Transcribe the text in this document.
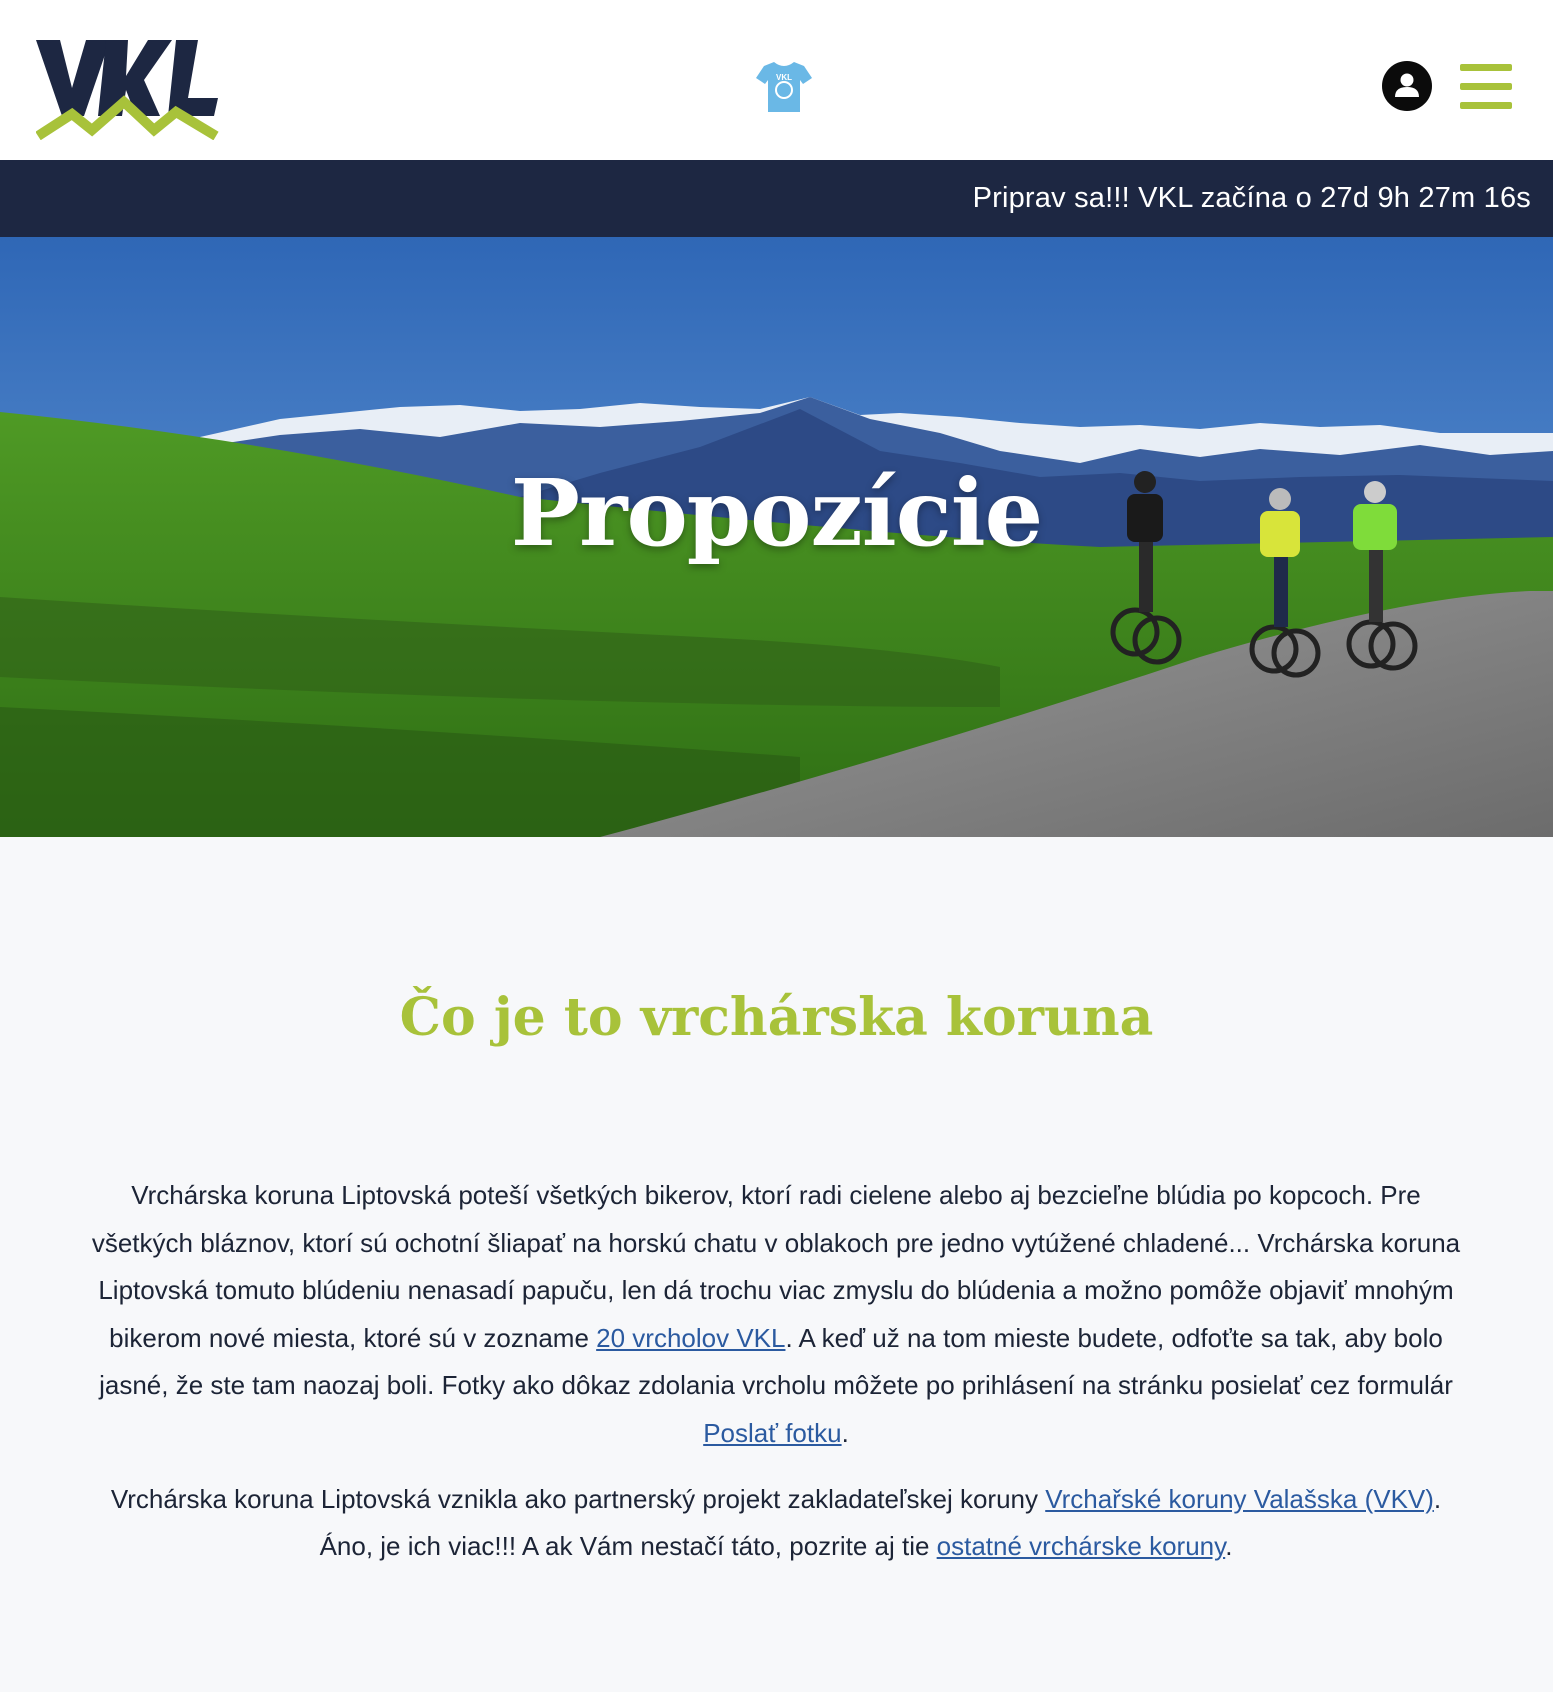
VKL
Priprav sa!!! VKL začína o 27d 9h 27m 16s
Propozície
Čo je to vrchárska koruna

Vrchárska koruna Liptovská poteší všetkých bikerov, ktorí radi cielene alebo aj bezcieľne blúdia po kopcoch. Pre všetkých bláznov, ktorí sú ochotní šliapať na horskú chatu v oblakoch pre jedno vytúžené chladené... Vrchárska koruna Liptovská tomuto blúdeniu nenasadí papuču, len dá trochu viac zmyslu do blúdenia a možno pomôže objaviť mnohým bikerom nové miesta, ktoré sú v zozname 20 vrcholov VKL. A keď už na tom mieste budete, odfoťte sa tak, aby bolo jasné, že ste tam naozaj boli. Fotky ako dôkaz zdolania vrcholu môžete po prihlásení na stránku posielať cez formulár Poslať fotku.

Vrchárska koruna Liptovská vznikla ako partnerský projekt zakladateľskej koruny Vrchařské koruny Valašska (VKV).

Áno, je ich viac!!! A ak Vám nestačí táto, pozrite aj tie ostatné vrchárske koruny.
